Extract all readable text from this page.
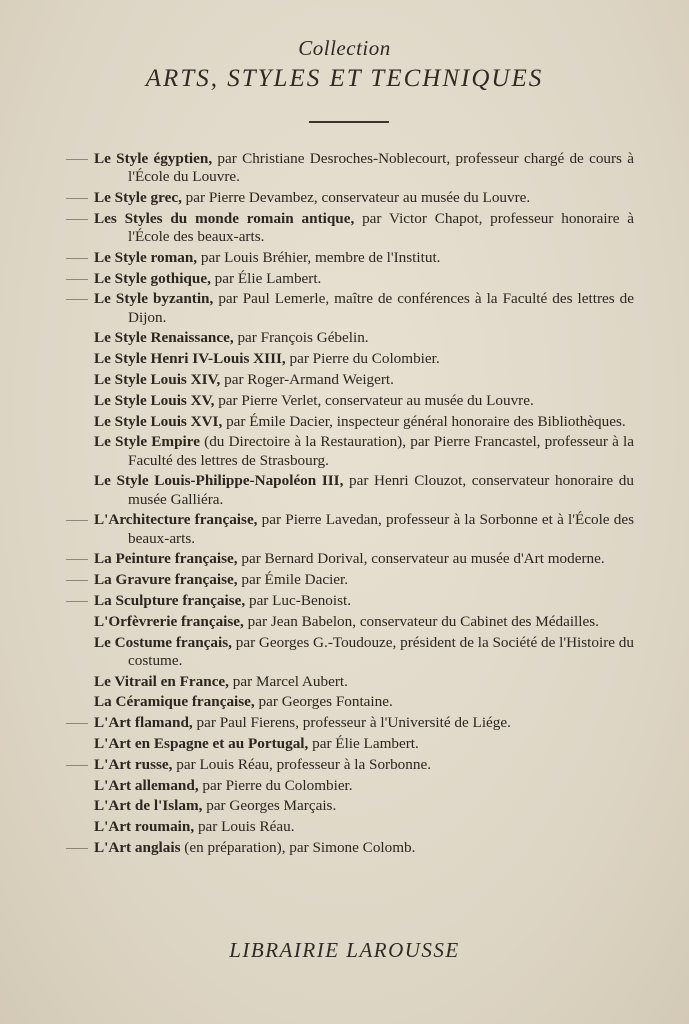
Collection
ARTS, STYLES ET TECHNIQUES
Le Style égyptien, par Christiane Desroches-Noblecourt, professeur chargé de cours à l'École du Louvre.
Le Style grec, par Pierre Devambez, conservateur au musée du Louvre.
Les Styles du monde romain antique, par Victor Chapot, professeur honoraire à l'École des beaux-arts.
Le Style roman, par Louis Bréhier, membre de l'Institut.
Le Style gothique, par Élie Lambert.
Le Style byzantin, par Paul Lemerle, maître de conférences à la Faculté des lettres de Dijon.
Le Style Renaissance, par François Gébelin.
Le Style Henri IV-Louis XIII, par Pierre du Colombier.
Le Style Louis XIV, par Roger-Armand Weigert.
Le Style Louis XV, par Pierre Verlet, conservateur au musée du Louvre.
Le Style Louis XVI, par Émile Dacier, inspecteur général honoraire des Bibliothèques.
Le Style Empire (du Directoire à la Restauration), par Pierre Francastel, professeur à la Faculté des lettres de Strasbourg.
Le Style Louis-Philippe-Napoléon III, par Henri Clouzot, conservateur honoraire du musée Galliéra.
L'Architecture française, par Pierre Lavedan, professeur à la Sorbonne et à l'École des beaux-arts.
La Peinture française, par Bernard Dorival, conservateur au musée d'Art moderne.
La Gravure française, par Émile Dacier.
La Sculpture française, par Luc-Benoist.
L'Orfèvrerie française, par Jean Babelon, conservateur du Cabinet des Médailles.
Le Costume français, par Georges G.-Toudouze, président de la Société de l'Histoire du costume.
Le Vitrail en France, par Marcel Aubert.
La Céramique française, par Georges Fontaine.
L'Art flamand, par Paul Fierens, professeur à l'Université de Liége.
L'Art en Espagne et au Portugal, par Élie Lambert.
L'Art russe, par Louis Réau, professeur à la Sorbonne.
L'Art allemand, par Pierre du Colombier.
L'Art de l'Islam, par Georges Marçais.
L'Art roumain, par Louis Réau.
L'Art anglais (en préparation), par Simone Colomb.
LIBRAIRIE LAROUSSE
